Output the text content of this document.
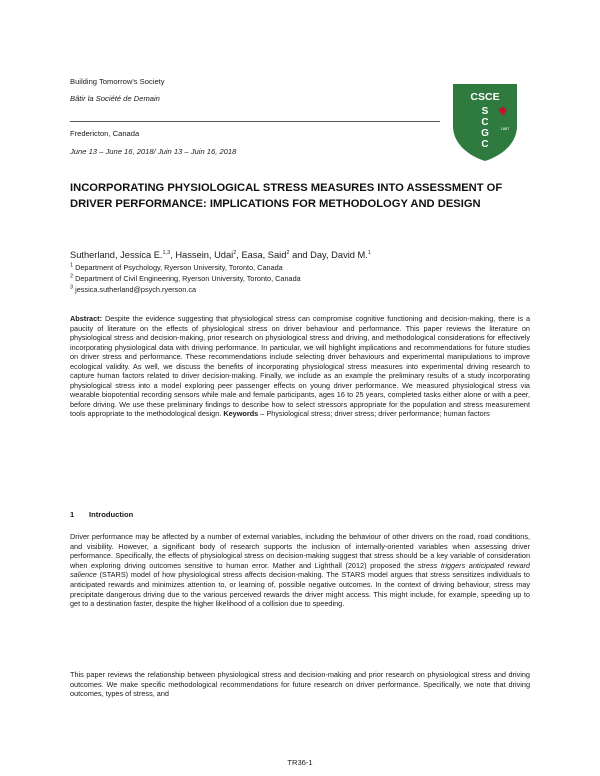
Building Tomorrow's Society
Bâtir la Société de Demain
Fredericton, Canada
June 13 – June 16, 2018/ Juin 13 – Juin 16, 2018
CSCE
S
C
G
C
1887
INCORPORATING PHYSIOLOGICAL STRESS MEASURES INTO ASSESSMENT OF DRIVER PERFORMANCE: IMPLICATIONS FOR METHODOLOGY AND DESIGN
Sutherland, Jessica E.$^{1,3}$, Hassein, Udai$^2$, Easa, Said$^2$ and Day, David M.$^1$
$^1$ Department of Psychology, Ryerson University, Toronto, Canada
$^2$ Department of Civil Engineering, Ryerson University, Toronto, Canada
$^3$ jessica.sutherland@psych.ryerson.ca
Abstract: Despite the evidence suggesting that physiological stress can compromise cognitive functioning and decision-making, there is a paucity of literature on the effects of physiological stress on driver behaviour and performance. This paper reviews the literature on physiological stress and decision-making, prior research on physiological stress and driving, and methodological considerations for effectively incorporating physiological data with driving performance. In particular, we will highlight implications and recommendations for future studies on driver stress and performance. These recommendations include selecting driver behaviours and experimental manipulations to improve ecological validity. As well, we discuss the benefits of incorporating physiological stress measures into experimental driving research to capture human factors related to driver decision-making. Finally, we include as an example the preliminary results of a study incorporating physiological stress into a model exploring peer passenger effects on young driver performance. We measured physiological stress via wearable biopotential recording sensors while male and female participants, ages 16 to 25 years, completed tasks either alone or with a peer, before driving. We use these preliminary findings to describe how to select stressors appropriate for the population and stress measurement tools appropriate to the methodological design. Keywords – Physiological stress; driver stress; driver performance; human factors
1 Introduction
Driver performance may be affected by a number of external variables, including the behaviour of other drivers on the road, road conditions, and visibility. However, a significant body of research supports the inclusion of internally-oriented variables when assessing driver performance. Specifically, the effects of physiological stress on decision-making suggest that stress should be a key variable of consideration when exploring driving outcomes sensitive to human error. Mather and Lighthall (2012) proposed the stress triggers anticipated reward salience (STARS) model of how physiological stress affects decision-making. The STARS model argues that stress sensitizes individuals to anticipated rewards and minimizes attention to, or learning of, possible negative outcomes. In the context of driving behaviour, stress may precipitate dangerous driving due to the various perceived rewards the driver might access. This might include, for example, speeding up to get to a destination faster, despite the higher likelihood of a collision due to speeding.
This paper reviews the relationship between physiological stress and decision-making and prior research on physiological stress and driving outcomes. We make specific methodological recommendations for future research on driver performance. Specifically, we note that driving outcomes, types of stress, and
TR36-1
